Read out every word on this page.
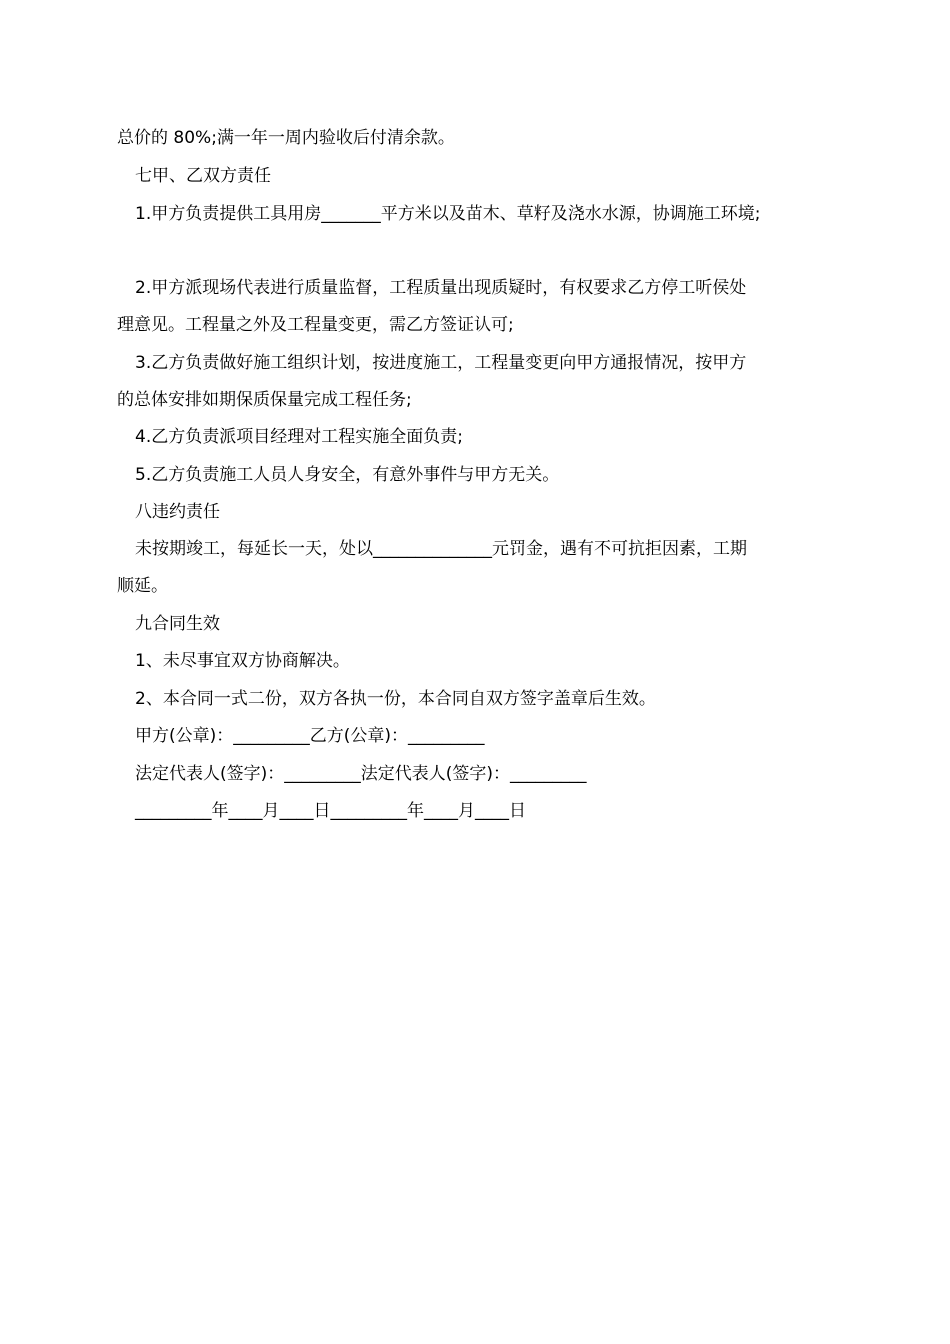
总价的 80%;满一年一周内验收后付清余款。
七甲、乙双方责任
1.甲方负责提供工具用房_______平方米以及苗木、草籽及浇水水源，协调施工环境;
2.甲方派现场代表进行质量监督，工程质量出现质疑时，有权要求乙方停工听侯处
理意见。工程量之外及工程量变更，需乙方签证认可;
3.乙方负责做好施工组织计划，按进度施工，工程量变更向甲方通报情况，按甲方
的总体安排如期保质保量完成工程任务;
4.乙方负责派项目经理对工程实施全面负责;
5.乙方负责施工人员人身安全，有意外事件与甲方无关。
八违约责任
未按期竣工，每延长一天，处以______________元罚金，遇有不可抗拒因素，工期
顺延。
九合同生效
1、未尽事宜双方协商解决。
2、本合同一式二份，双方各执一份，本合同自双方签字盖章后生效。
甲方(公章)：_________乙方(公章)：_________
法定代表人(签字)：_________法定代表人(签字)：_________
_________年____月____日_________年____月____日
